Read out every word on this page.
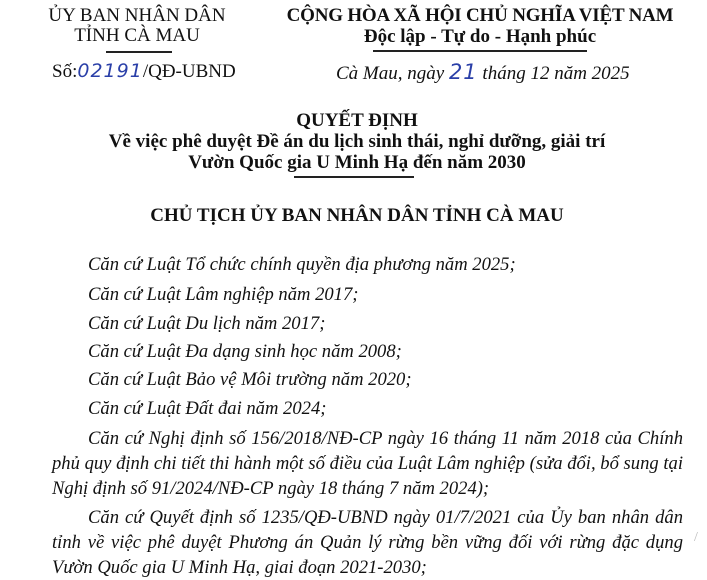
ỦY BAN NHÂN DÂN
TỈNH CÀ MAU
CỘNG HÒA XÃ HỘI CHỦ NGHĨA VIỆT NAM
Độc lập - Tự do - Hạnh phúc
Số:02191/QĐ-UBND	Cà Mau, ngày 21 tháng 12 năm 2025
QUYẾT ĐỊNH
Về việc phê duyệt Đề án du lịch sinh thái, nghỉ dưỡng, giải trí
Vườn Quốc gia U Minh Hạ đến năm 2030
CHỦ TỊCH ỦY BAN NHÂN DÂN TỈNH CÀ MAU
Căn cứ Luật Tổ chức chính quyền địa phương năm 2025;
Căn cứ Luật Lâm nghiệp năm 2017;
Căn cứ Luật Du lịch năm 2017;
Căn cứ Luật Đa dạng sinh học năm 2008;
Căn cứ Luật Bảo vệ Môi trường năm 2020;
Căn cứ Luật Đất đai năm 2024;
Căn cứ Nghị định số 156/2018/NĐ-CP ngày 16 tháng 11 năm 2018 của Chính phủ quy định chi tiết thi hành một số điều của Luật Lâm nghiệp (sửa đổi, bổ sung tại Nghị định số 91/2024/NĐ-CP ngày 18 tháng 7 năm 2024);
Căn cứ Quyết định số 1235/QĐ-UBND ngày 01/7/2021 của Ủy ban nhân dân tỉnh về việc phê duyệt Phương án Quản lý rừng bền vững đối với rừng đặc dụng Vườn Quốc gia U Minh Hạ, giai đoạn 2021-2030;
/
